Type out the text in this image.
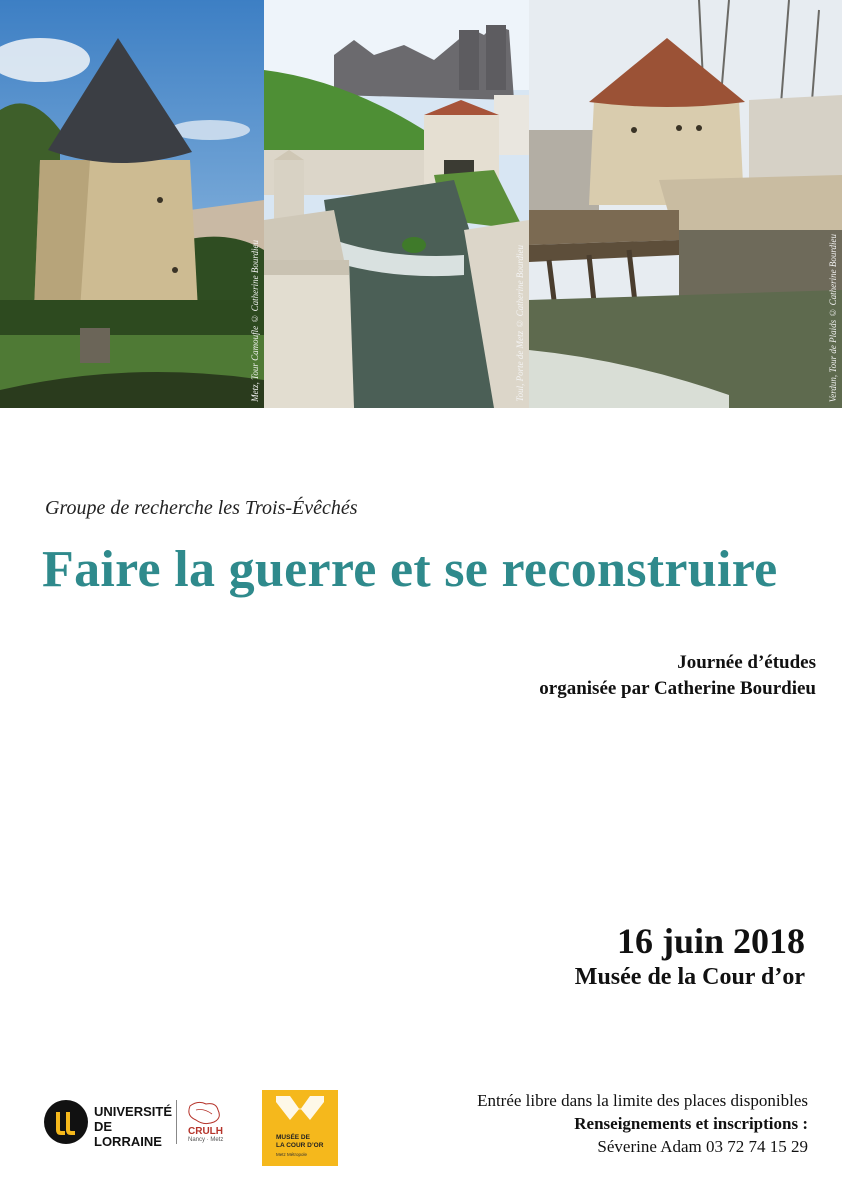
Metz, Tour Camoufle © Catherine Bourdieu	Toul, Porte de Metz © Catherine Bourdieu	Verdun, Tour de Plaids © Catherine Bourdieu
Groupe de recherche les Trois-Évêchés
Faire la guerre et se reconstruire
Journée d’études
organisée par Catherine Bourdieu
16 juin 2018
Musée de la Cour d’or
UNIVERSITÉ
DE LORRAINE
CRULH
Nancy · Metz	MUSÉE DE
LA COUR D’OR
Metz Métropole
Entrée libre dans la limite des places disponibles
Renseignements et inscriptions :
Séverine Adam 03 72 74 15 29
